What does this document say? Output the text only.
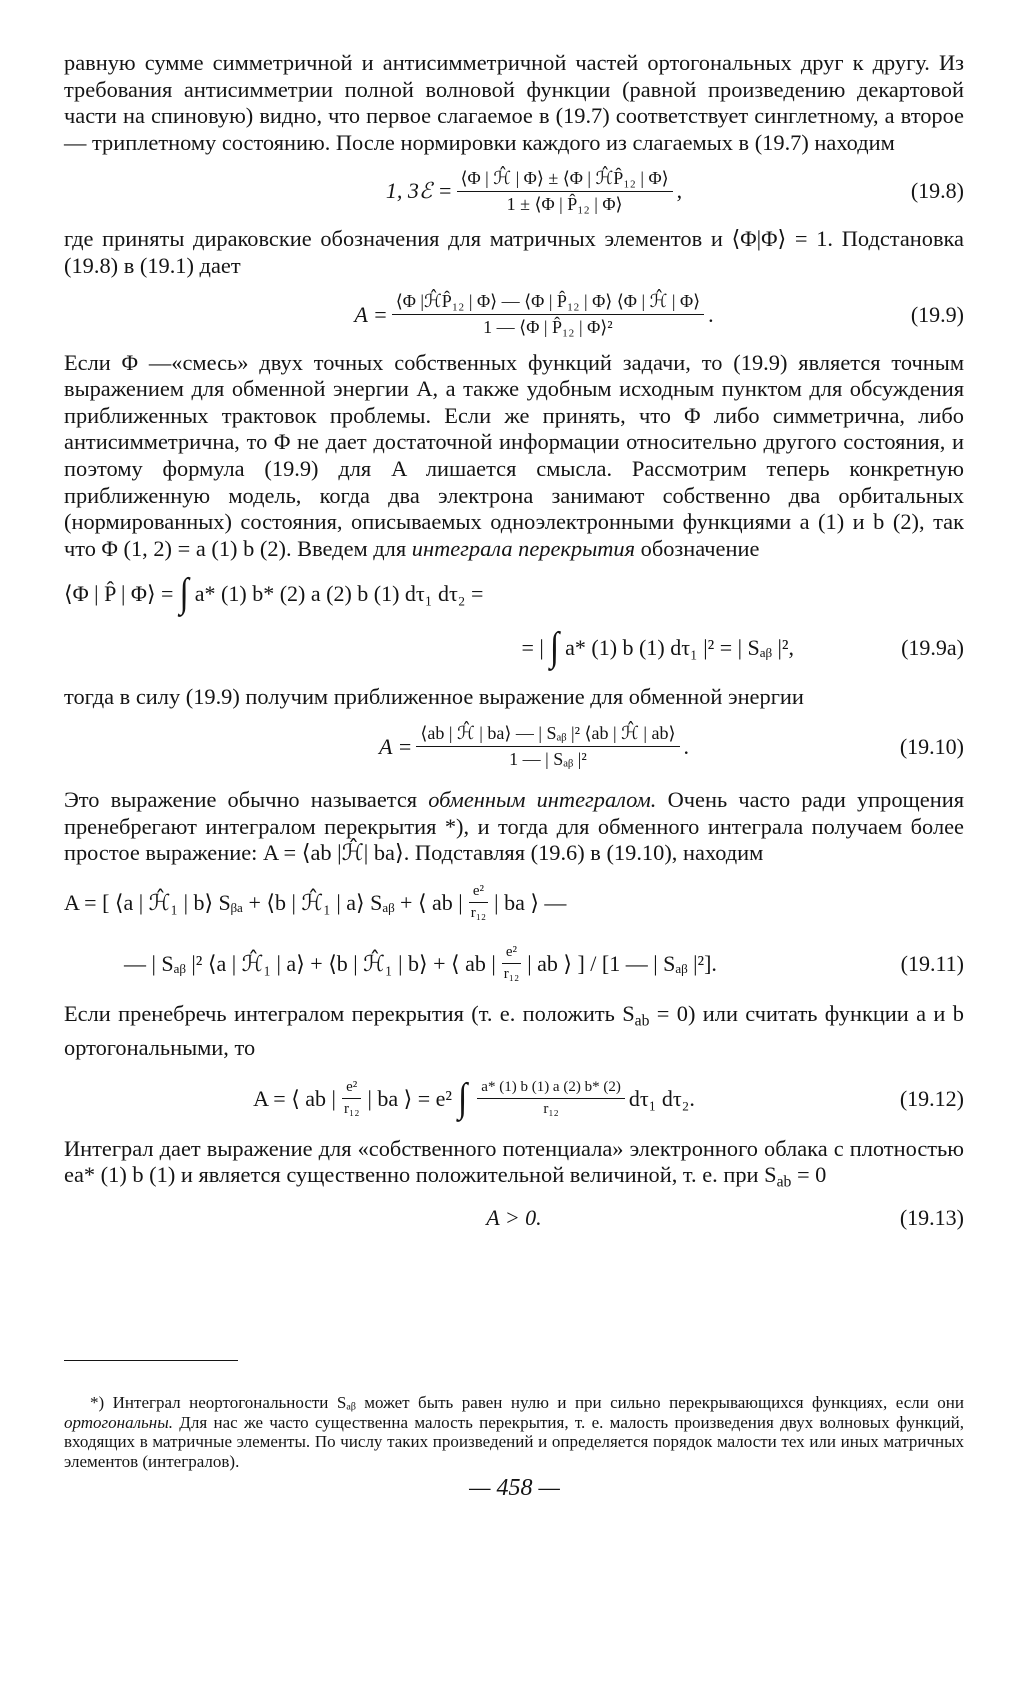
равную сумме симметричной и антисимметричной частей ортогональных друг к другу. Из требования антисимметрии полной волновой функции (равной произведению декартовой части на спиновую) видно, что первое слагаемое в (19.7) соответствует синглетному, а второе — триплетному состоянию. После нормировки каждого из слагаемых в (19.7) находим

1, 3ℰ = $\frac{\text{⟨Φ | ℋ̂ | Φ⟩ ± ⟨Φ | ℋ̂P̂₁₂ | Φ⟩}}{\text{1 ± ⟨Φ | P̂₁₂ | Φ⟩}}$ ,	(19.8)

где приняты дираковские обозначения для матричных элементов и ⟨Φ|Φ⟩ = 1. Подстановка (19.8) в (19.1) дает

$A = \frac{\text{⟨Φ |ℋ̂P̂₁₂ | Φ⟩ — ⟨Φ | P̂₁₂ | Φ⟩ ⟨Φ | ℋ̂ | Φ⟩}}{\text{1 — ⟨Φ | P̂₁₂ | Φ⟩²}}$ .	(19.9)

Если Φ —«смесь» двух точных собственных функций задачи, то (19.9) является точным выражением для обменной энергии A, а также удобным исходным пунктом для обсуждения приближенных трактовок проблемы. Если же принять, что Φ либо симметрична, либо антисимметрична, то Φ не дает достаточной информации относительно другого состояния, и поэтому формула (19.9) для A лишается смысла. Рассмотрим теперь конкретную приближенную модель, когда два электрона занимают собственно два орбитальных (нормированных) состояния, описываемых одноэлектронными функциями a (1) и b (2), так что Φ (1, 2) = a (1) b (2). Введем для интеграла перекрытия обозначение

⟨Φ | P̂ | Φ⟩ = ∫ a* (1) b* (2) a (2) b (1) dτ₁ dτ₂ =
= | ∫ a* (1) b (1) dτ₁ |² = | Sₐᵦ |²,	(19.9a)

тогда в силу (19.9) получим приближенное выражение для обменной энергии

$A = \frac{\text{⟨ab | ℋ̂ | ba⟩ — | Sₐᵦ |² ⟨ab | ℋ̂ | ab⟩}}{\text{1 — | Sₐᵦ |²}}$ .	(19.10)

Это выражение обычно называется обменным интегралом. Очень часто ради упрощения пренебрегают интегралом перекрытия *), и тогда для обменного интеграла получаем более простое выражение: A = ⟨ab |ℋ̂| ba⟩. Подставляя (19.6) в (19.10), находим

A = [ ⟨a | ℋ̂₁ | b⟩ Sᵦₐ + ⟨b | ℋ̂₁ | a⟩ Sₐᵦ + ⟨ ab | $\frac{\text{e²}}{\text{r₁₂}}$ | ba ⟩ —
— | Sₐᵦ |² ⟨a | ℋ̂₁ | a⟩ + ⟨b | ℋ̂₁ | b⟩ + ⟨ ab | $\frac{\text{e²}}{\text{r₁₂}}$ | ab ⟩ ] / [1 — | Sₐᵦ |²].	(19.11)

Если пренебречь интегралом перекрытия (т. е. положить $S_{ab} = 0$) или считать функции a и b ортогональными, то

A = ⟨ ab | $\frac{\text{e²}}{\text{r₁₂}}$ | ba ⟩ = e² ∫ $\frac{a* (1) b (1) a (2) b* (2)}{\text{r₁₂}} d\tau_1$ dτ₂.	(19.12)

Интеграл дает выражение для «собственного потенциала» электронного облака с плотностью ea* (1) b (1) и является существенно положительной величиной, т. е. при $S_{ab} = 0$

A > 0.	(19.13)

*) Интеграл неортогональности Sₐᵦ может быть равен нулю и при сильно перекрывающихся функциях, если они ортогональны. Для нас же часто существенна малость перекрытия, т. е. малость произведения двух волновых функций, входящих в матричные элементы. По числу таких произведений и определяется порядок малости тех или иных матричных элементов (интегралов).

— 458 —
